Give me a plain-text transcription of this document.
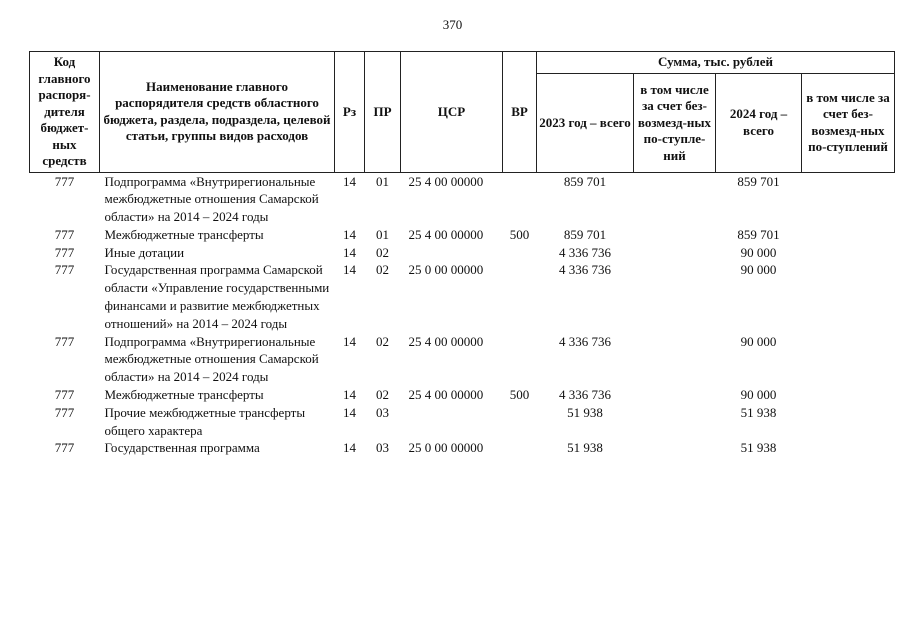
370
Код главного распоря-дителя бюджет-ных средств	Наименование главного распорядителя средств областного бюджета, раздела, подраздела, целевой статьи, группы видов расходов	Рз	ПР	ЦСР	ВР	Сумма, тыс. рублей			
						2023 год – всего	в том числе за счет без-возмезд-ных по-ступле-ний	2024 год – всего	в том числе за счет без-возмезд-ных по-ступлений
777	Подпрограмма «Внутрирегиональные межбюджетные отношения Самарской области» на 2014 – 2024 годы	14	01	25 4 00 00000		859 701		859 701	
777	Межбюджетные трансферты	14	01	25 4 00 00000	500	859 701		859 701	
777	Иные дотации	14	02			4 336 736		90 000	
777	Государственная программа Самарской области «Управление государственными финансами и развитие межбюджетных отношений» на 2014 – 2024 годы	14	02	25 0 00 00000		4 336 736		90 000	
777	Подпрограмма «Внутрирегиональные межбюджетные отношения Самарской области» на 2014 – 2024 годы	14	02	25 4 00 00000		4 336 736		90 000	
777	Межбюджетные трансферты	14	02	25 4 00 00000	500	4 336 736		90 000	
777	Прочие межбюджетные трансферты общего характера	14	03			51 938		51 938	
777	Государственная программа	14	03	25 0 00 00000		51 938		51 938	
